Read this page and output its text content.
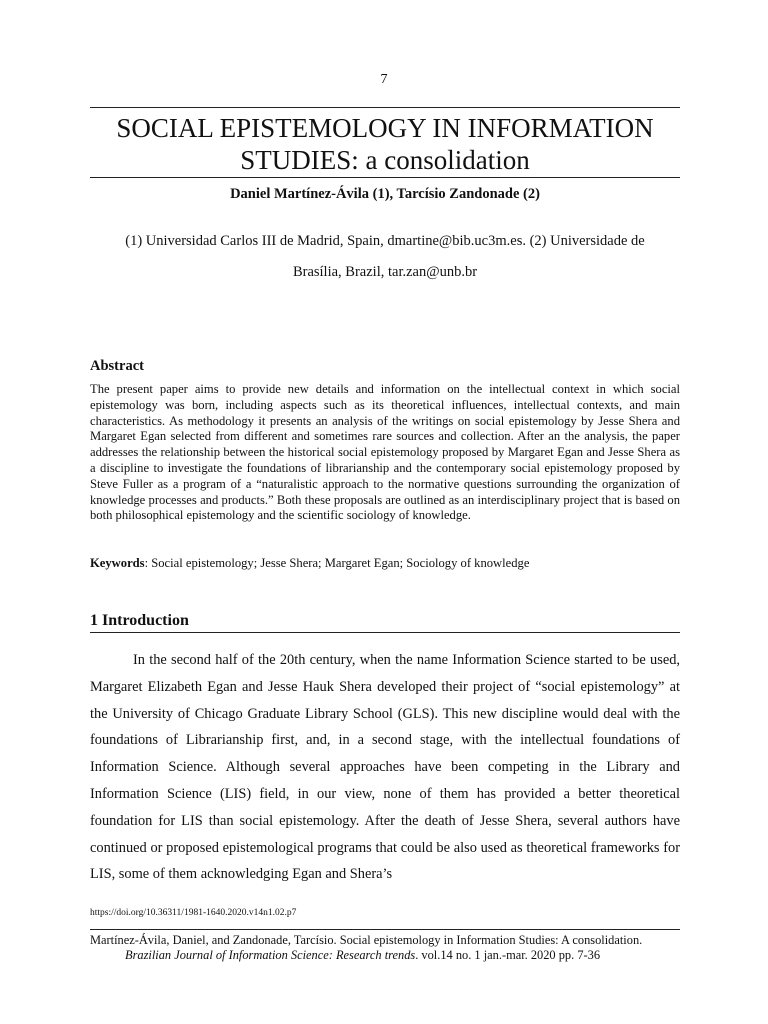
7
SOCIAL EPISTEMOLOGY IN INFORMATION
STUDIES: a consolidation
Daniel Martínez-Ávila (1), Tarcísio Zandonade (2)
(1) Universidad Carlos III de Madrid, Spain, dmartine@bib.uc3m.es. (2) Universidade de
Brasília, Brazil, tar.zan@unb.br
Abstract
The present paper aims to provide new details and information on the intellectual context in which social epistemology was born, including aspects such as its theoretical influences, intellectual contexts, and main characteristics. As methodology it presents an analysis of the writings on social epistemology by Jesse Shera and Margaret Egan selected from different and sometimes rare sources and collection. After an the analysis, the paper addresses the relationship between the historical social epistemology proposed by Margaret Egan and Jesse Shera as a discipline to investigate the foundations of librarianship and the contemporary social epistemology proposed by Steve Fuller as a program of a “naturalistic approach to the normative questions surrounding the organization of knowledge processes and products.” Both these proposals are outlined as an interdisciplinary project that is based on both philosophical epistemology and the scientific sociology of knowledge.
Keywords: Social epistemology; Jesse Shera; Margaret Egan; Sociology of knowledge
1 Introduction
In the second half of the 20th century, when the name Information Science started to be used, Margaret Elizabeth Egan and Jesse Hauk Shera developed their project of “social epistemology” at the University of Chicago Graduate Library School (GLS). This new discipline would deal with the foundations of Librarianship first, and, in a second stage, with the intellectual foundations of Information Science. Although several approaches have been competing in the Library and Information Science (LIS) field, in our view, none of them has provided a better theoretical foundation for LIS than social epistemology. After the death of Jesse Shera, several authors have continued or proposed epistemological programs that could be also used as theoretical frameworks for LIS, some of them acknowledging Egan and Shera’s
https://doi.org/10.36311/1981-1640.2020.v14n1.02.p7
Martínez-Ávila, Daniel, and Zandonade, Tarcísio. Social epistemology in Information Studies: A consolidation.
Brazilian Journal of Information Science: Research trends. vol.14 no. 1 jan.-mar. 2020 pp. 7-36
